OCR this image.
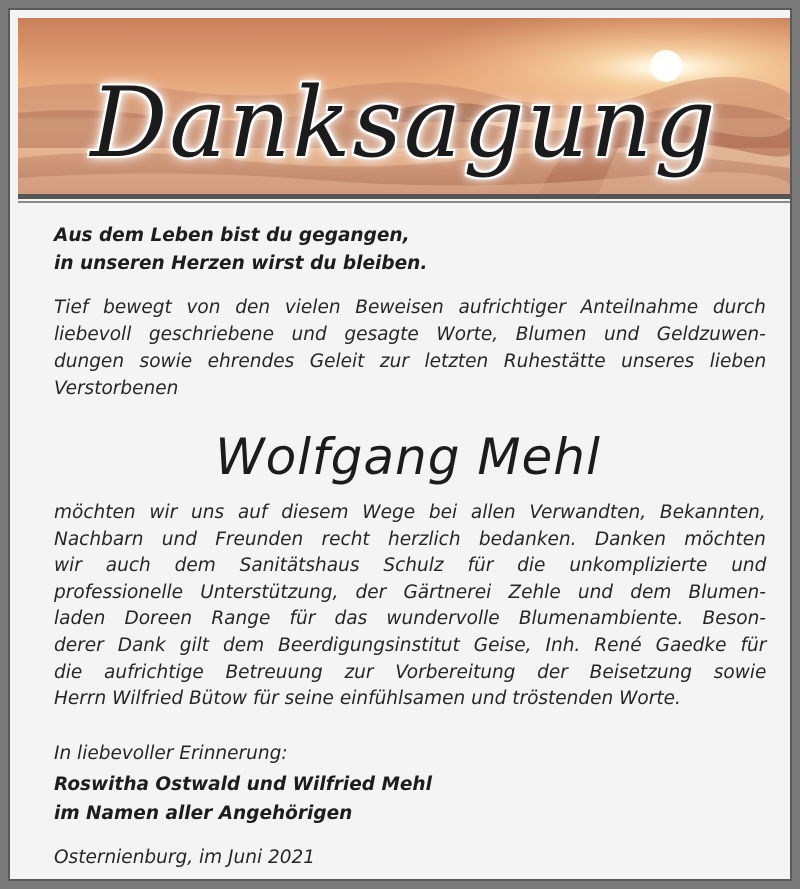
Danksagung
Aus dem Leben bist du gegangen,
in unseren Herzen wirst du bleiben.
Tief bewegt von den vielen Beweisen aufrichtiger Anteilnahme durch
liebevoll geschriebene und gesagte Worte, Blumen und Geldzuwen-
dungen sowie ehrendes Geleit zur letzten Ruhestätte unseres lieben
Verstorbenen
Wolfgang Mehl
möchten wir uns auf diesem Wege bei allen Verwandten, Bekannten,
Nachbarn und Freunden recht herzlich bedanken. Danken möchten
wir auch dem Sanitätshaus Schulz für die unkomplizierte und
professionelle Unterstützung, der Gärtnerei Zehle und dem Blumen-
laden Doreen Range für das wundervolle Blumenambiente. Beson-
derer Dank gilt dem Beerdigungsinstitut Geise, Inh. René Gaedke für
die aufrichtige Betreuung zur Vorbereitung der Beisetzung sowie
Herrn Wilfried Bütow für seine einfühlsamen und tröstenden Worte.
In liebevoller Erinnerung:
Roswitha Ostwald und Wilfried Mehl
im Namen aller Angehörigen
Osternienburg, im Juni 2021
